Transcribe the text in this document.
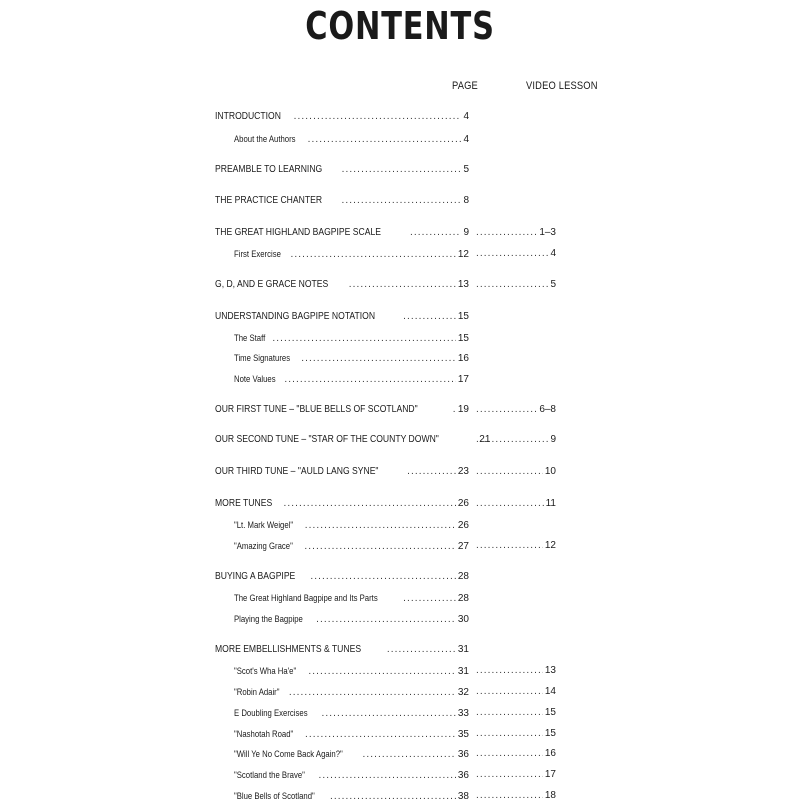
CONTENTS
PAGE	VIDEO LESSON
INTRODUCTION .....	4
About the Authors .....	4
PREAMBLE TO LEARNING .....	5
THE PRACTICE CHANTER .....	8
THE GREAT HIGHLAND BAGPIPE SCALE .....	9 .....	1–3
First Exercise .....	12 .....	4
G, D, AND E GRACE NOTES .....	13 .....	5
UNDERSTANDING BAGPIPE NOTATION .....	15
The Staff .....	15
Time Signatures .....	16
Note Values .....	17
OUR FIRST TUNE – "BLUE BELLS OF SCOTLAND" .....	19 .....	6–8
OUR SECOND TUNE – "STAR OF THE COUNTY DOWN"	21 .....	9
OUR THIRD TUNE – "AULD LANG SYNE" .....	23 .....	10
MORE TUNES .....	26 .....	11
"Lt. Mark Weigel" .....	26
"Amazing Grace" .....	27 .....	12
BUYING A BAGPIPE .....	28
The Great Highland Bagpipe and Its Parts .....	28
Playing the Bagpipe .....	30
MORE EMBELLISHMENTS & TUNES .....	31
"Scot's Wha Ha'e" .....	31 .....	13
"Robin Adair" .....	32 .....	14
E Doubling Exercises .....	33 .....	15
"Nashotah Road" .....	35 .....	15
"Will Ye No Come Back Again?" .....	36 .....	16
"Scotland the Brave" .....	36 .....	17
"Blue Bells of Scotland" .....	38 .....	18
